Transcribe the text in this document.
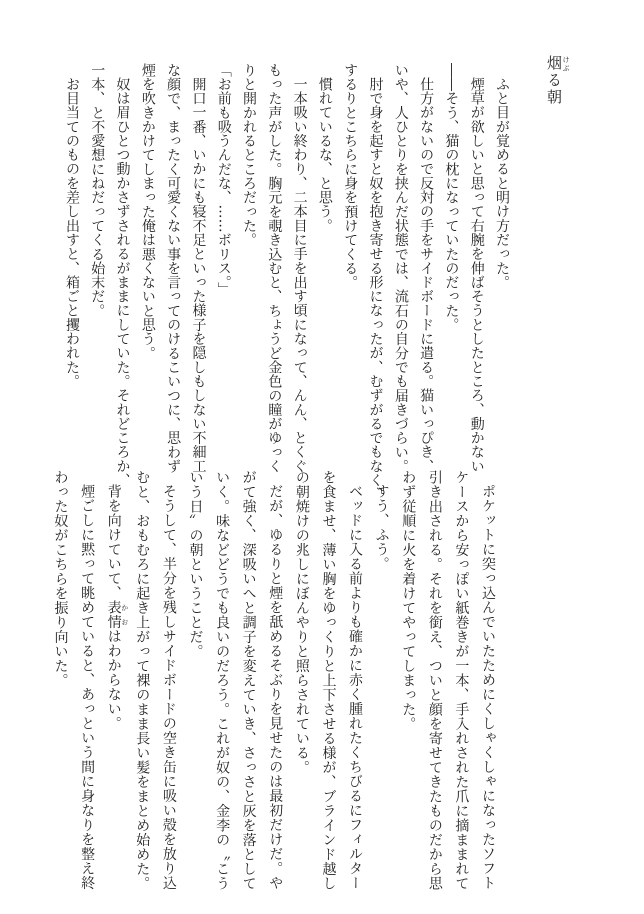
烟 けぶる朝
ふと目が覚めると明け方だった。
煙草が欲しいと思って右腕を伸ばそうとしたところ、動かない
――そう、猫の枕になっていたのだった。
仕方がないので反対の手をサイドボードに遣る。猫いっぴき、
いや、人ひとりを挟んだ状態では、流石の自分でも届きづらい。
肘で身を起すと奴を抱き寄せる形になったが、むずがるでもなく、
するりとこちらに身を預けてくる。
慣れているな、と思う。
一本吸い終わり、二本目に手を出す頃になって、んん、とくぐ
もった声がした。胸元を覗き込むと、ちょうど金色の瞳がゆっく
りと開かれるところだった。
「お前も吸うんだな、……ボリス。」
開口一番、いかにも寝不足といった様子を隠しもしない不細工
な顔で、まったく可愛くない事を言ってのけるこいつに、思わず
煙を吹きかけてしまった俺は悪くないと思う。
奴は眉ひとつ動かさずされるがままにしていた。それどころか、
一本、と不愛想にねだってくる始末だ。
お目当てのものを差し出すと、箱ごと攫われた。
ポケットに突っ込んでいたためにくしゃくしゃになったソフト
ケースから安っぽい紙巻きが一本、手入れされた爪に摘ままれて
引き出される。それを銜え、ついと顔を寄せてきたものだから思
わず従順に火を着けてやってしまった。
すう、ふう。
ベッドに入る前よりも確かに赤く腫れたくちびるにフィルター
を食ませ、薄い胸をゆっくりと上下させる様が、ブラインド越し
の朝焼けの兆しにぼんやりと照らされている。
だが、ゆるりと煙を舐めるそぶりを見せたのは最初だけだ。や
がて強く、深吸いへと調子を変えていき、さっさと灰を落として
いく。味などどうでも良いのだろう。これが奴の、金李の〝こう
いう日〟の朝ということだ。
そうして、半分を残しサイドボードの空き缶に吸い殻を放り込
むと、おもむろに起き上がって裸のまま長い髪をまとめ始めた。
背を向けていて、表情 かおはわからない。
煙ごしに黙って眺めていると、あっという間に身なりを整え終
わった奴がこちらを振り向いた。
